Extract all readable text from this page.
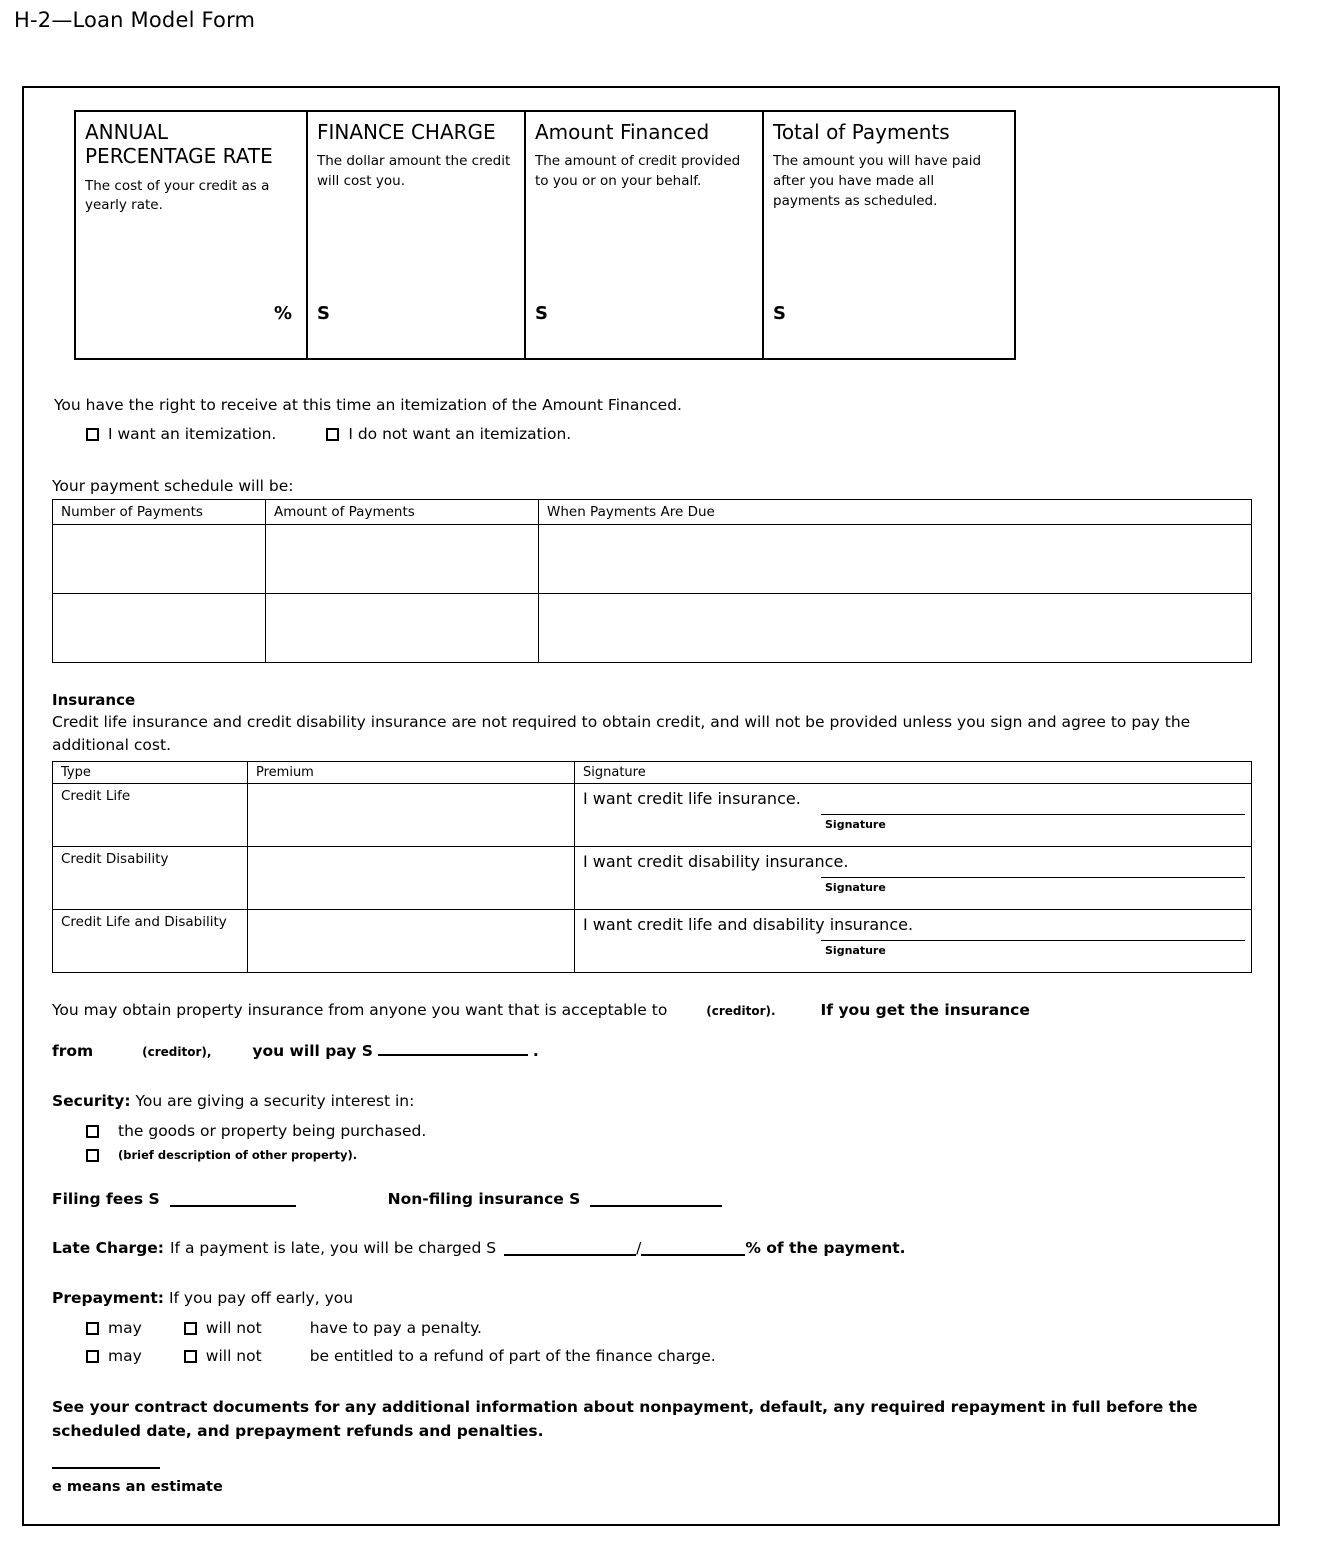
H-2—Loan Model Form
ANNUAL PERCENTAGE RATE
The cost of your credit as a yearly rate.
%

FINANCE CHARGE
The dollar amount the credit will cost you.
S

Amount Financed
The amount of credit provided to you or on your behalf.
S

Total of Payments
The amount you will have paid after you have made all payments as scheduled.
S
You have the right to receive at this time an itemization of the Amount Financed.
I want an itemization.	I do not want an itemization.
Your payment schedule will be:
Number of Payments	Amount of Payments	When Payments Are Due

Insurance
Credit life insurance and credit disability insurance are not required to obtain credit, and will not be provided unless you sign and agree to pay the additional cost.
Type	Premium	Signature
Credit Life		I want credit life insurance.
Signature

Credit Disability		I want credit disability insurance.
Signature

Credit Life and Disability		I want credit life and disability insurance.
Signature
You may obtain property insurance from anyone you want that is acceptable to	(creditor).	If you get the insurance
from	(creditor),	you will pay S	.
Security: You are giving a security interest in:
the goods or property being purchased.
(brief description of other property).
Filing fees S	Non-filing insurance S
Late Charge: If a payment is late, you will be charged S	/	% of the payment.
Prepayment: If you pay off early, you
may	will not	have to pay a penalty.
may	will not	be entitled to a refund of part of the finance charge.
See your contract documents for any additional information about nonpayment, default, any required repayment in full before the scheduled date, and prepayment refunds and penalties.
e means an estimate
